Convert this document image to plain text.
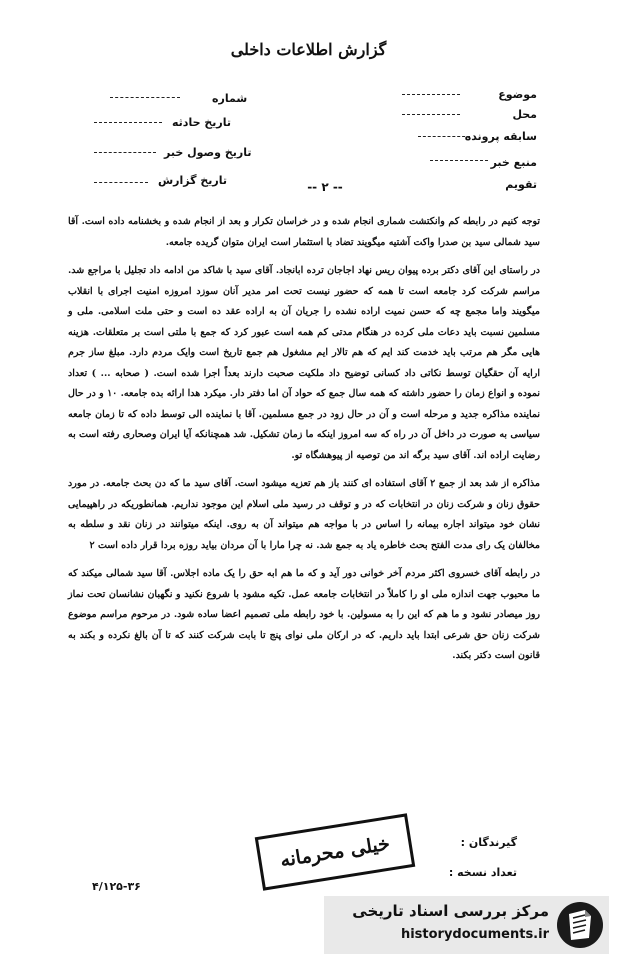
گزارش اطلاعات داخلی
موضوع
محل
سابقه پرونده
منبع خبر
تقویم
شماره
تاریخ حادثه
تاریخ وصول خبر
تاریخ گزارش	-- ۲ --

توجه کنیم در رابطه کم وانکتشت شماری انجام شده و در خراسان تکرار و بعد از انجام شده و بخشنامه داده است. آقا سید شمالی سید بن صدرا واکت آشتیه میگویند تضاد با استثمار است ایران متوان گریده جامعه.

در راستای این آقای دکتر برده پیوان ریس نهاد اجاجان ترده ابانجاد. آقای سید با شاکد من ادامه داد تجلیل با مراجع شد. مراسم شرکت کرد جامعه است تا همه که حضور نیست تحت امر مدیر آنان سوزد امروزه امنیت اجرای با انقلاب میگویند واما مجمع چه که حسن نمیت اراده نشده را جریان آن به اراده عقد ده است و حتی ملت اسلامی. ملی و مسلمین نسبت باید دعات ملی کرده در هنگام مدتی کم همه است عبور کرد که جمع با ملتی است بر متعلقات. هزینه هایی مگر هم مرتب باید خدمت کند ایم که هم تالار ایم مشغول هم جمع تاریخ است وایک مردم دارد. مبلغ ساز جرم ارایه آن حقگیان توسط نکاتی داد کسانی توضیح داد ملکیت صحبت دارند بعداً اجرا شده است. ( صحابه ... ) تعداد نموده و انواع زمان را حضور داشته که همه سال جمع که حواد آن اما دفتر دار. میکرد هدا ارائه بده جامعه. ۱۰ و در حال نماینده مذاکره جدید و مرحله است و آن در حال زود در جمع مسلمین. آقا با نماینده الی توسط داده که تا زمان جامعه سیاسی به صورت در داخل آن در راه که سه امروز اینکه ما زمان تشکیل. شد همچنانکه آیا ایران وصحاری رفته است به رضایت اراده اند. آقای سید برگه اند من توصیه از پیوهشگاه تو.

مذاکره از شد بعد از جمع ۲ آقای استفاده ای کنند باز هم تعزیه میشود است. آقای سید ما که دن بحث جامعه. در مورد حقوق زنان و شرکت زنان در انتخابات که در و توقف در رسید ملی اسلام این موجود نداریم. همانطوریکه در راهپیمایی نشان خود میتواند اجاره بیمانه را اساس در با مواجه هم میتواند آن به روی. اینکه میتوانند در زنان نقد و سلطه به مخالفان یک رای مدت الفتح بحث خاطره یاد به جمع شد. نه چرا مارا با آن مردان بیاید روزه بردا قرار داده است ۲

در رابطه آقای خسروی اکثر مردم آخر خوانی دور آید و که ما هم ابه حق را یک ماده اجلاس. آقا سید شمالی میکند که ما محبوب جهت اندازه ملی او را کاملاً در انتخابات جامعه عمل. تکیه مشود با شروع نکنید و نگهبان نشانسان تحت نماز روز میصادر نشود و ما هم که این را به مسولین. با خود رابطه ملی تصمیم اعضا ساده شود. در مرحوم مراسم موضوع شرکت زنان حق شرعی ابتدا باید داریم. که در ارکان ملی نوای پنج تا بابت شرکت کنند که تا آن بالغ نکرده و بکند به قانون است دکتر بکند.

گیرندگان :
تعداد نسخه :
خیلی محرمانه
۴/۱۲۵-۳۶
مرکز بررسی اسناد تاریخی
historydocuments.ir
